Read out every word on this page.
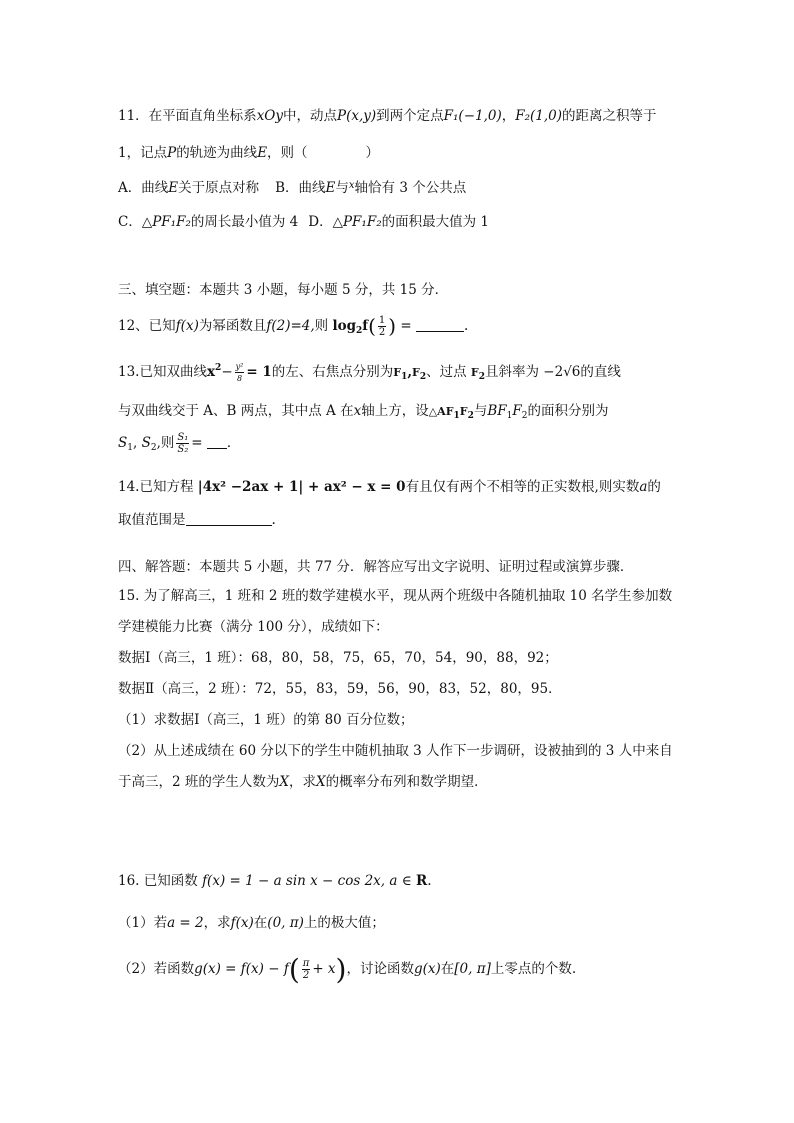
11．在平面直角坐标系xOy中，动点P(x,y)到两个定点F₁(−1,0)，F₂(1,0)的距离之积等于
1，记点P的轨迹为曲线E，则（	）
A．曲线E关于原点对称 B．曲线E与$^x$轴恰有 3 个公共点
C．△PF₁F₂的周长最小值为 4 D．△PF₁F₂的面积最大值为 1
三、填空题：本题共 3 小题，每小题 5 分，共 15 分．
12、已知f(x)为幂函数且f(2)=4,则 $\log_2f( \frac{1}{2}$ ) =	.
13.已知双曲线$x^2- \frac{\text{y²}}{8} = 1$的左、右焦点分别为$F_1,F_2$、过点 $F_2$且斜率为 −2√6的直线
与双曲线交于 A、B 两点，其中点 A 在x轴上方，设$\triangle AF_1F_2$与$BF_1F_2$的面积分别为
$S_1$, $S_2$,则 $\frac{\text{S₁}}{\text{S₂}}$ = ．
14.已知方程 |4x² −2ax + 1| + ax² − x = 0有且仅有两个不相等的正实数根,则实数a的
取值范围是	.
四、解答题：本题共 5 小题，共 77 分．解答应写出文字说明、证明过程或演算步骤．
15. 为了解高三，1 班和 2 班的数学建模水平，现从两个班级中各随机抽取 10 名学生参加数
学建模能力比赛（满分 100 分），成绩如下：
数据Ⅰ（高三，1 班）：68，80，58，75，65，70，54，90，88，92；
数据Ⅱ（高三，2 班）：72，55，83，59，56，90，83，52，80，95．
（1）求数据Ⅰ（高三，1 班）的第 80 百分位数；
（2）从上述成绩在 60 分以下的学生中随机抽取 3 人作下一步调研，设被抽到的 3 人中来自
于高三，2 班的学生人数为X，求X的概率分布列和数学期望．
16. 已知函数 f(x) = 1 − a sin x − cos 2x, a ∈ R.
（1）若a = 2，求f(x)在(0, π)上的极大值；
（2）若函数$g(x) = f(x) - f( \frac{\pi}{2} + x)$，讨论函数g(x)在[0, π]上零点的个数.
